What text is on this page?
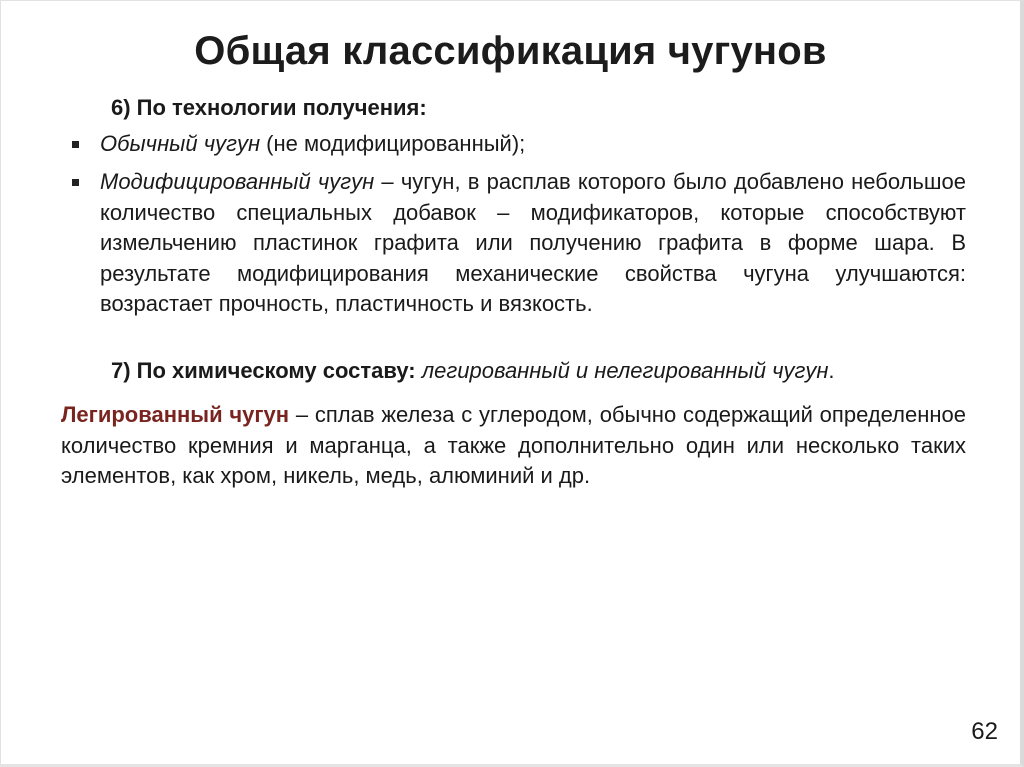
Общая классификация чугунов
6) По технологии получения:
Обычный чугун (не модифицированный);
Модифицированный чугун – чугун, в расплав которого было добавлено небольшое количество специальных добавок – модификаторов, которые способствуют измельчению пластинок графита или получению графита в форме шара. В результате модифицирования механические свойства чугуна улучшаются: возрастает прочность, пластичность и вязкость.
7) По химическому составу: легированный и нелегированный чугун.
Легированный чугун – сплав железа с углеродом, обычно содержащий определенное количество кремния и марганца, а также дополнительно один или несколько таких элементов, как хром, никель, медь, алюминий и др.
62
